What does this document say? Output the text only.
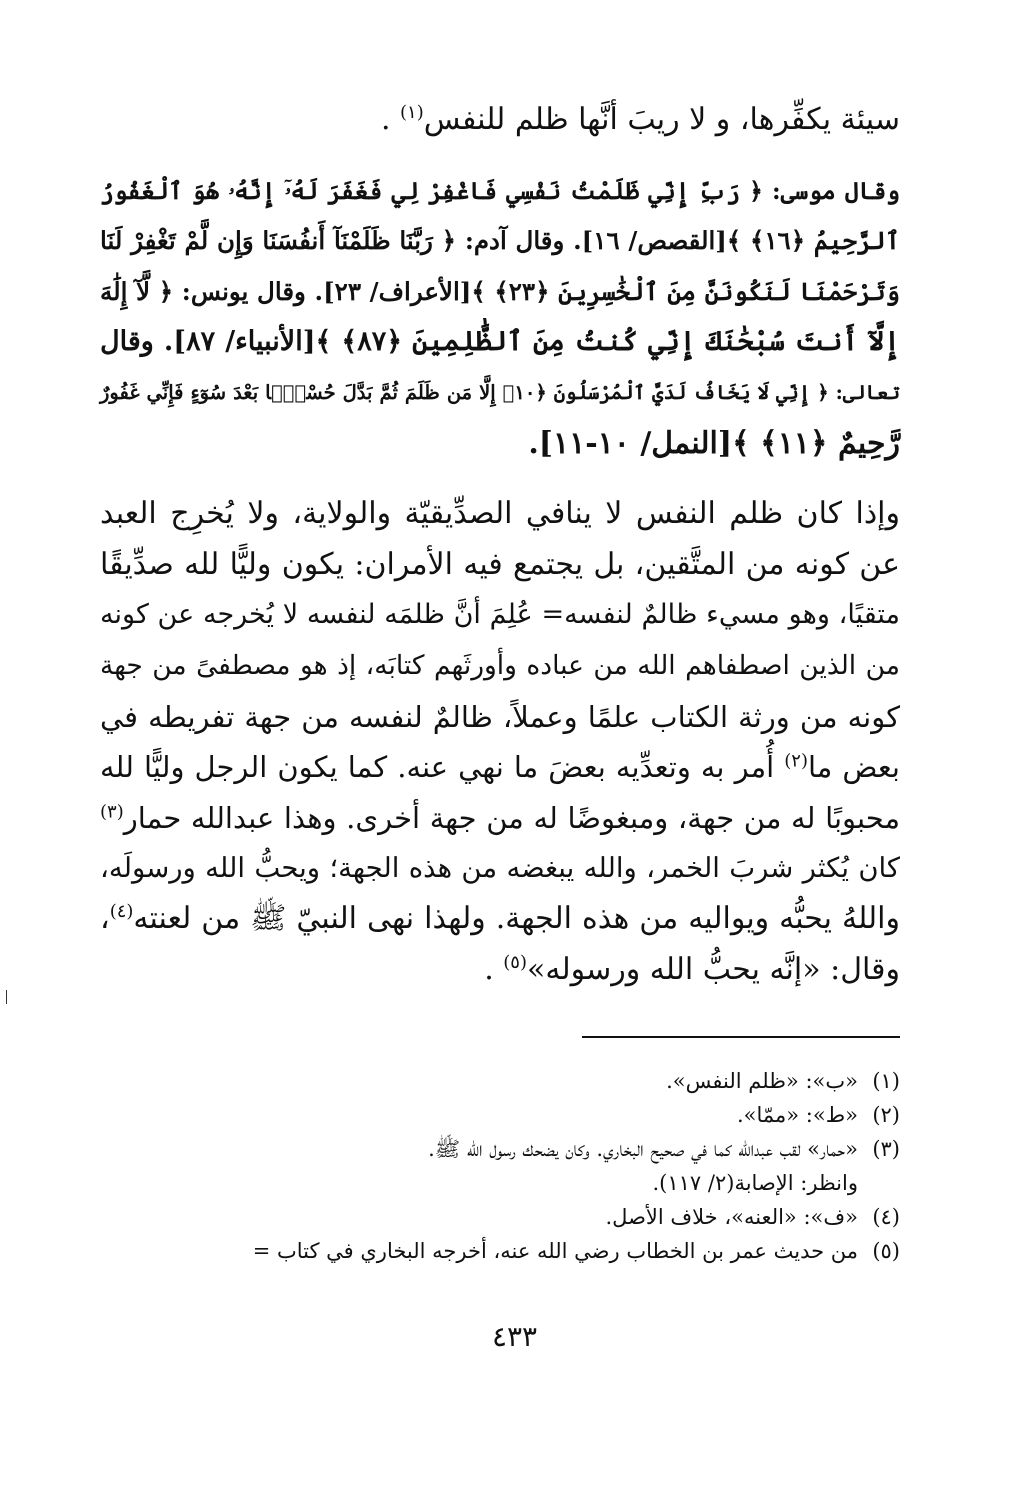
سيئة يكفِّرها، و لا ريبَ أنَّها ظلم للنفس$^{(١)}$ .
وقال موسى: ﴿ رَبِّ إِنِّي ظَلَمْتُ نَفْسِي فَاغْفِرْ لِي فَغَفَرَ لَهُۥٓ إِنَّهُۥ هُوَ ٱلْغَفُورُ
ٱلرَّحِيمُ ﴿١٦﴾ ﴾[القصص/ ١٦]. وقال آدم: ﴿ رَبَّنَا ظَلَمْنَآ أَنفُسَنَا وَإِن لَّمْ تَغْفِرْ لَنَا
وَتَرْحَمْنَا لَنَكُونَنَّ مِنَ ٱلْخَٰسِرِينَ ﴿٢٣﴾ ﴾[الأعراف/ ٢٣]. وقال يونس: ﴿ لَّآ إِلَٰهَ
إِلَّآ أَنتَ سُبْحَٰنَكَ إِنِّي كُنتُ مِنَ ٱلظَّٰلِمِينَ ﴿٨٧﴾ ﴾[الأنبياء/ ٨٧]. وقال
تعالى: ﴿ إِنِّي لَا يَخَافُ لَدَيَّ ٱلْمُرْسَلُونَ ﴿١٠﴾ إِلَّا مَن ظَلَمَ ثُمَّ بَدَّلَ حُسْنًۢا بَعْدَ سُوٓءٍ فَإِنِّي غَفُورٌ
رَّحِيمٌ ﴿١١﴾ ﴾[النمل/ ١٠-١١].
وإذا كان ظلم النفس لا ينافي الصدِّيقيّة والولاية، ولا يُخرِج العبد
عن كونه من المتَّقين، بل يجتمع فيه الأمران: يكون وليًّا لله صدِّيقًا
متقيًا، وهو مسيء ظالمٌ لنفسه= عُلِمَ أنَّ ظلمَه لنفسه لا يُخرجه عن كونه
من الذين اصطفاهم الله من عباده وأورثَهم كتابَه، إذ هو مصطفىً من جهة
كونه من ورثة الكتاب علمًا وعملاً، ظالمٌ لنفسه من جهة تفريطه في
بعض ما$^{(٢)}$ أُمر به وتعدِّيه بعضَ ما نهي عنه. كما يكون الرجل وليًّا لله
محبوبًا له من جهة، ومبغوضًا له من جهة أخرى. وهذا عبدالله حمار$^{(٣)}$
كان يُكثر شربَ الخمر، والله يبغضه من هذه الجهة؛ ويحبُّ الله ورسولَه،
واللهُ يحبُّه ويواليه من هذه الجهة. ولهذا نهى النبيّ ﷺ من لعنته$^{(٤)}$،
وقال: «إنَّه يحبُّ الله ورسوله»$^{(٥)}$ .
(١)«ب»: «ظلم النفس».
(٢)«ط»: «ممّا».
(٣)«حمار» لقب عبدالله كما في صحيح البخاري. وكان يضحك رسول الله ﷺ.
وانظر: الإصابة(٢/ ١١٧).
(٤)«ف»: «العنه»، خلاف الأصل.
(٥)من حديث عمر بن الخطاب رضي الله عنه، أخرجه البخاري في كتاب =
٤٣٣
